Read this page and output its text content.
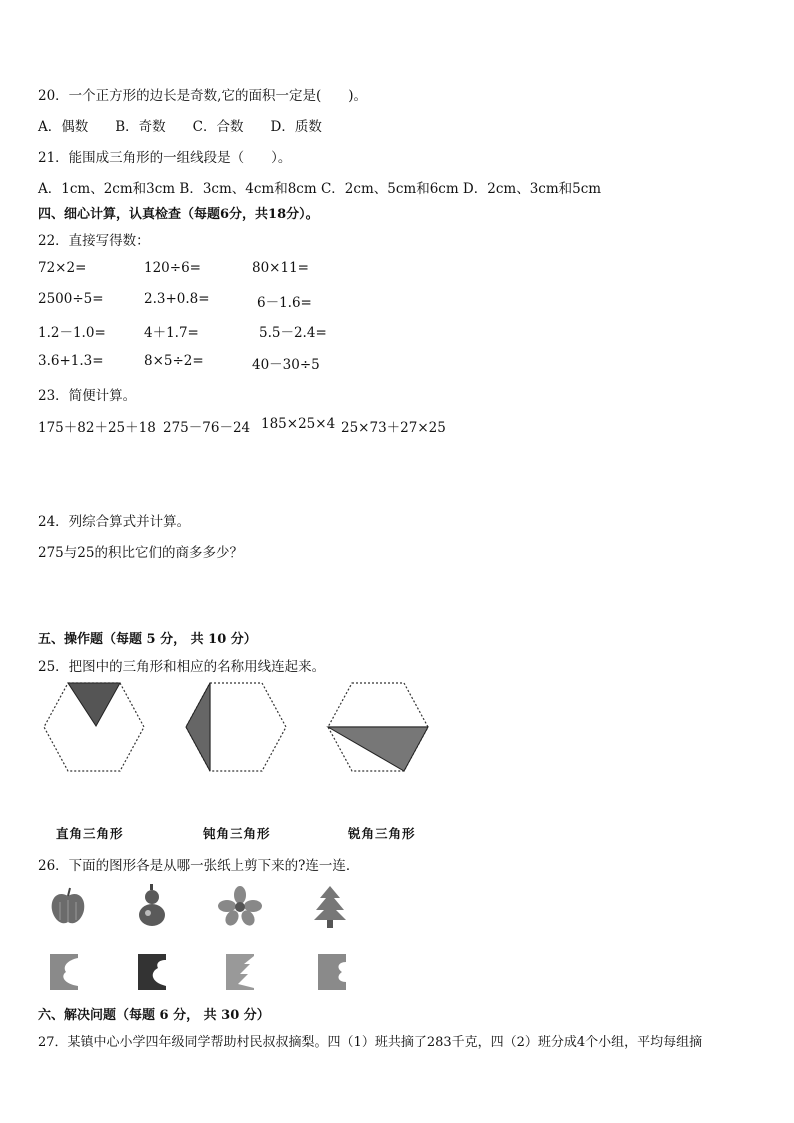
20．一个正方形的边长是奇数,它的面积一定是(　　)。
A．偶数　　B．奇数　　C．合数　　D．质数
21．能围成三角形的一组线段是（　　）。
A．1cm、2cm和3cm B．3cm、4cm和8cm C．2cm、5cm和6cm D．2cm、3cm和5cm
四、细心计算，认真检查（每题6分，共18分）。
22．直接写得数：
72×2=	120÷6=	80×11=
2500÷5=	2.3+0.8=	6－1.6=
1.2－1.0=	4＋1.7=	5.5－2.4=
3.6+1.3=	8×5÷2=	40－30÷5
23．简便计算。
175＋82＋25＋18 275－76－24 185×25×4 25×73＋27×25
24．列综合算式并计算。
275与25的积比它们的商多多少？
五、操作题（每题 5 分， 共 10 分）
25．把图中的三角形和相应的名称用线连起来。
直角三角形	钝角三角形	锐角三角形
26．下面的图形各是从哪一张纸上剪下来的?连一连．
六、解决问题（每题 6 分， 共 30 分）
27．某镇中心小学四年级同学帮助村民叔叔摘梨。四（1）班共摘了283千克，四（2）班分成4个小组，平均每组摘
